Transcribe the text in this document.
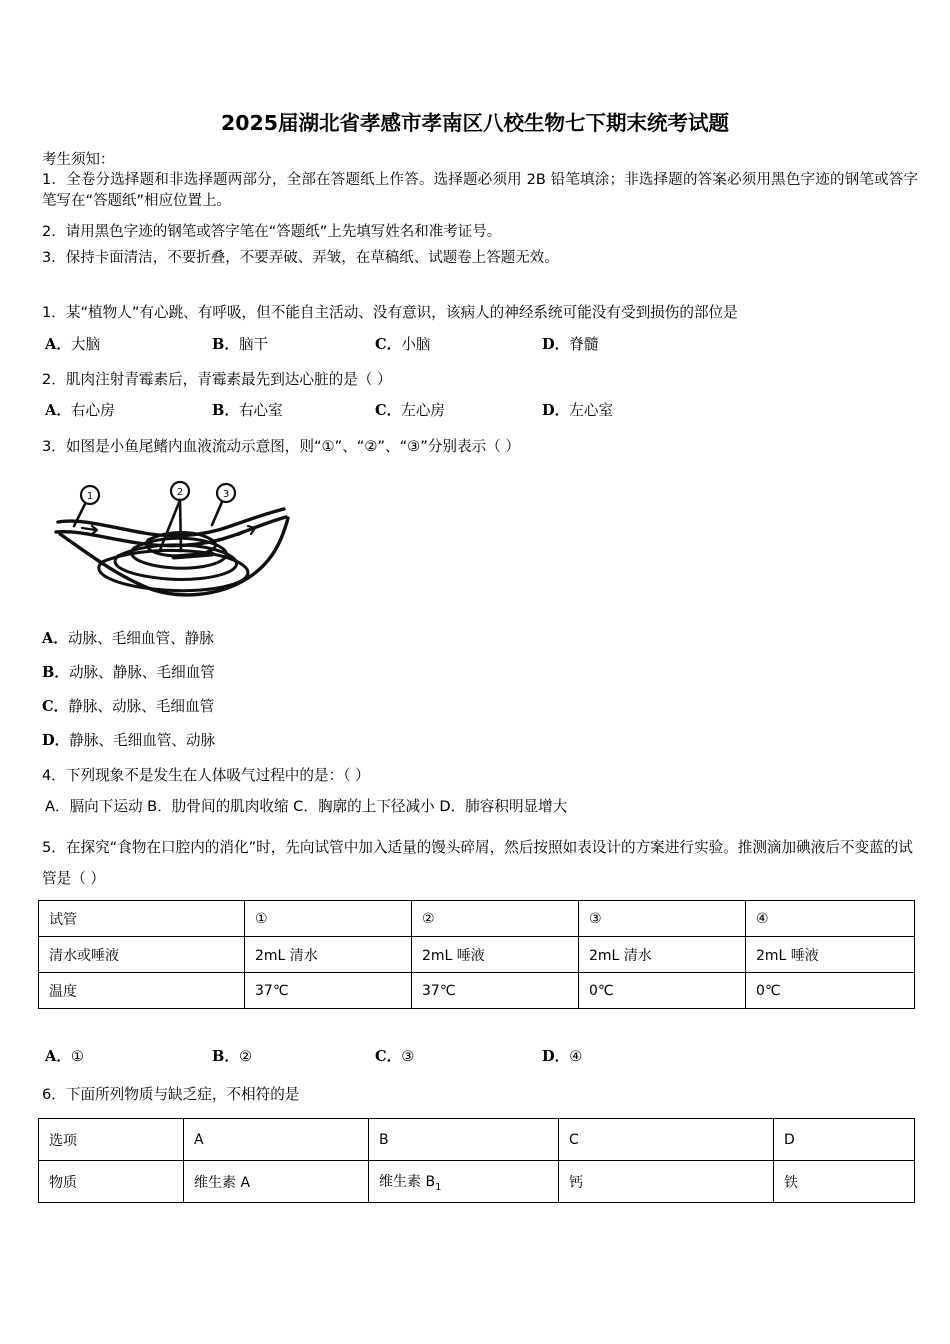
2025届湖北省孝感市孝南区八校生物七下期末统考试题
考生须知：
1．全卷分选择题和非选择题两部分，全部在答题纸上作答。选择题必须用 2B 铅笔填涂；非选择题的答案必须用黑色字迹的钢笔或答字笔写在“答题纸”相应位置上。
2．请用黑色字迹的钢笔或答字笔在“答题纸”上先填写姓名和准考证号。
3．保持卡面清洁，不要折叠，不要弄破、弄皱，在草稿纸、试题卷上答题无效。
1．某“植物人”有心跳、有呼吸，但不能自主活动、没有意识，该病人的神经系统可能没有受到损伤的部位是
A．大脑	B．脑干	C．小脑	D．脊髓
2．肌肉注射青霉素后，青霉素最先到达心脏的是（ ）
A．右心房	B．右心室	C．左心房	D．左心室
3．如图是小鱼尾鳍内血液流动示意图，则“①”、“②”、“③”分别表示（ ）
1	2	3
A．动脉、毛细血管、静脉
B．动脉、静脉、毛细血管
C．静脉、动脉、毛细血管
D．静脉、毛细血管、动脉
4．下列现象不是发生在人体吸气过程中的是：（ ）
A．膈向下运动 B．肋骨间的肌肉收缩 C．胸廓的上下径减小 D．肺容积明显增大
5．在探究“食物在口腔内的消化”时，先向试管中加入适量的馒头碎屑，然后按照如表设计的方案进行实验。推测滴加碘液后不变蓝的试管是（ ）
试管	①	②	③	④
清水或唾液	2mL 清水	2mL 唾液	2mL 清水	2mL 唾液
温度	37℃	37℃	0℃	0℃
A．①	B．②	C．③	D．④
6．下面所列物质与缺乏症，不相符的是
选项	A	B	C	D
物质	维生素 A	维生素 $B_1$	钙	铁
